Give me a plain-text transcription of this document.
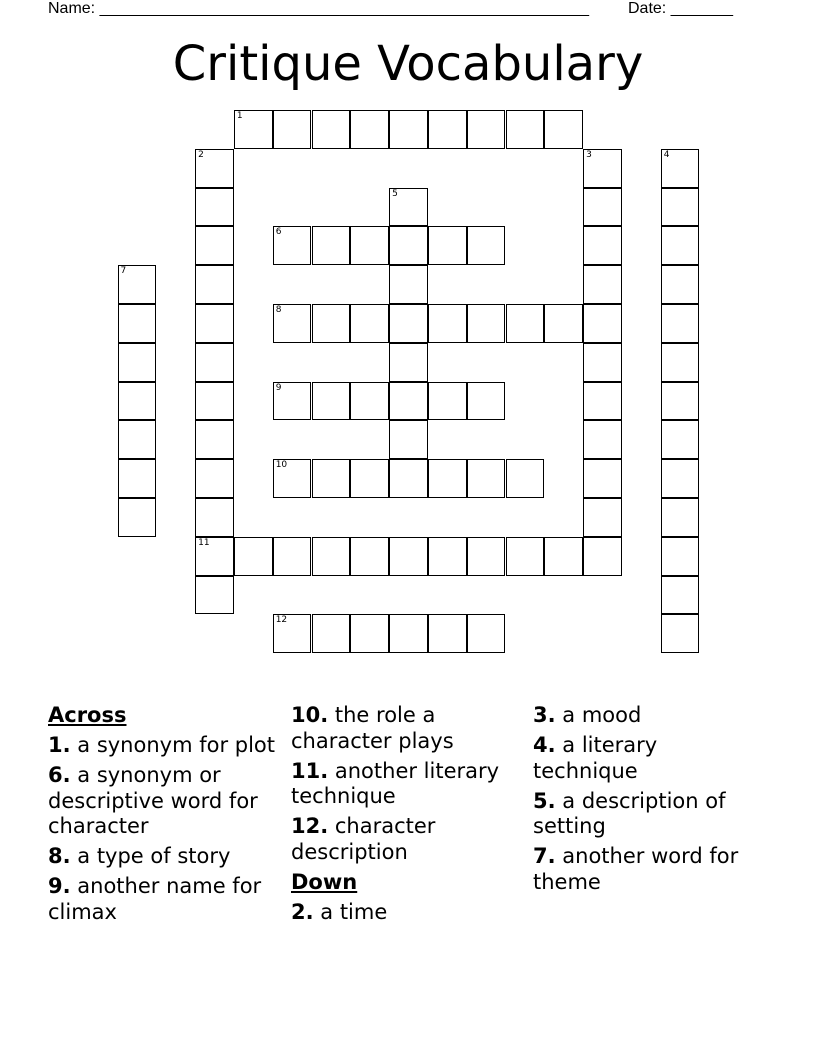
Name: _______________________________________________________ Date: _______
Critique Vocabulary
1
6
8
9
10
11
12
2	3	4
5
7
Across
1. a synonym for plot
6. a synonym or descriptive word for character
8. a type of story
9. another name for climax
10. the role a character plays
11. another literary technique
12. character description
Down
2. a time
3. a mood
4. a literary technique
5. a description of setting
7. another word for theme
